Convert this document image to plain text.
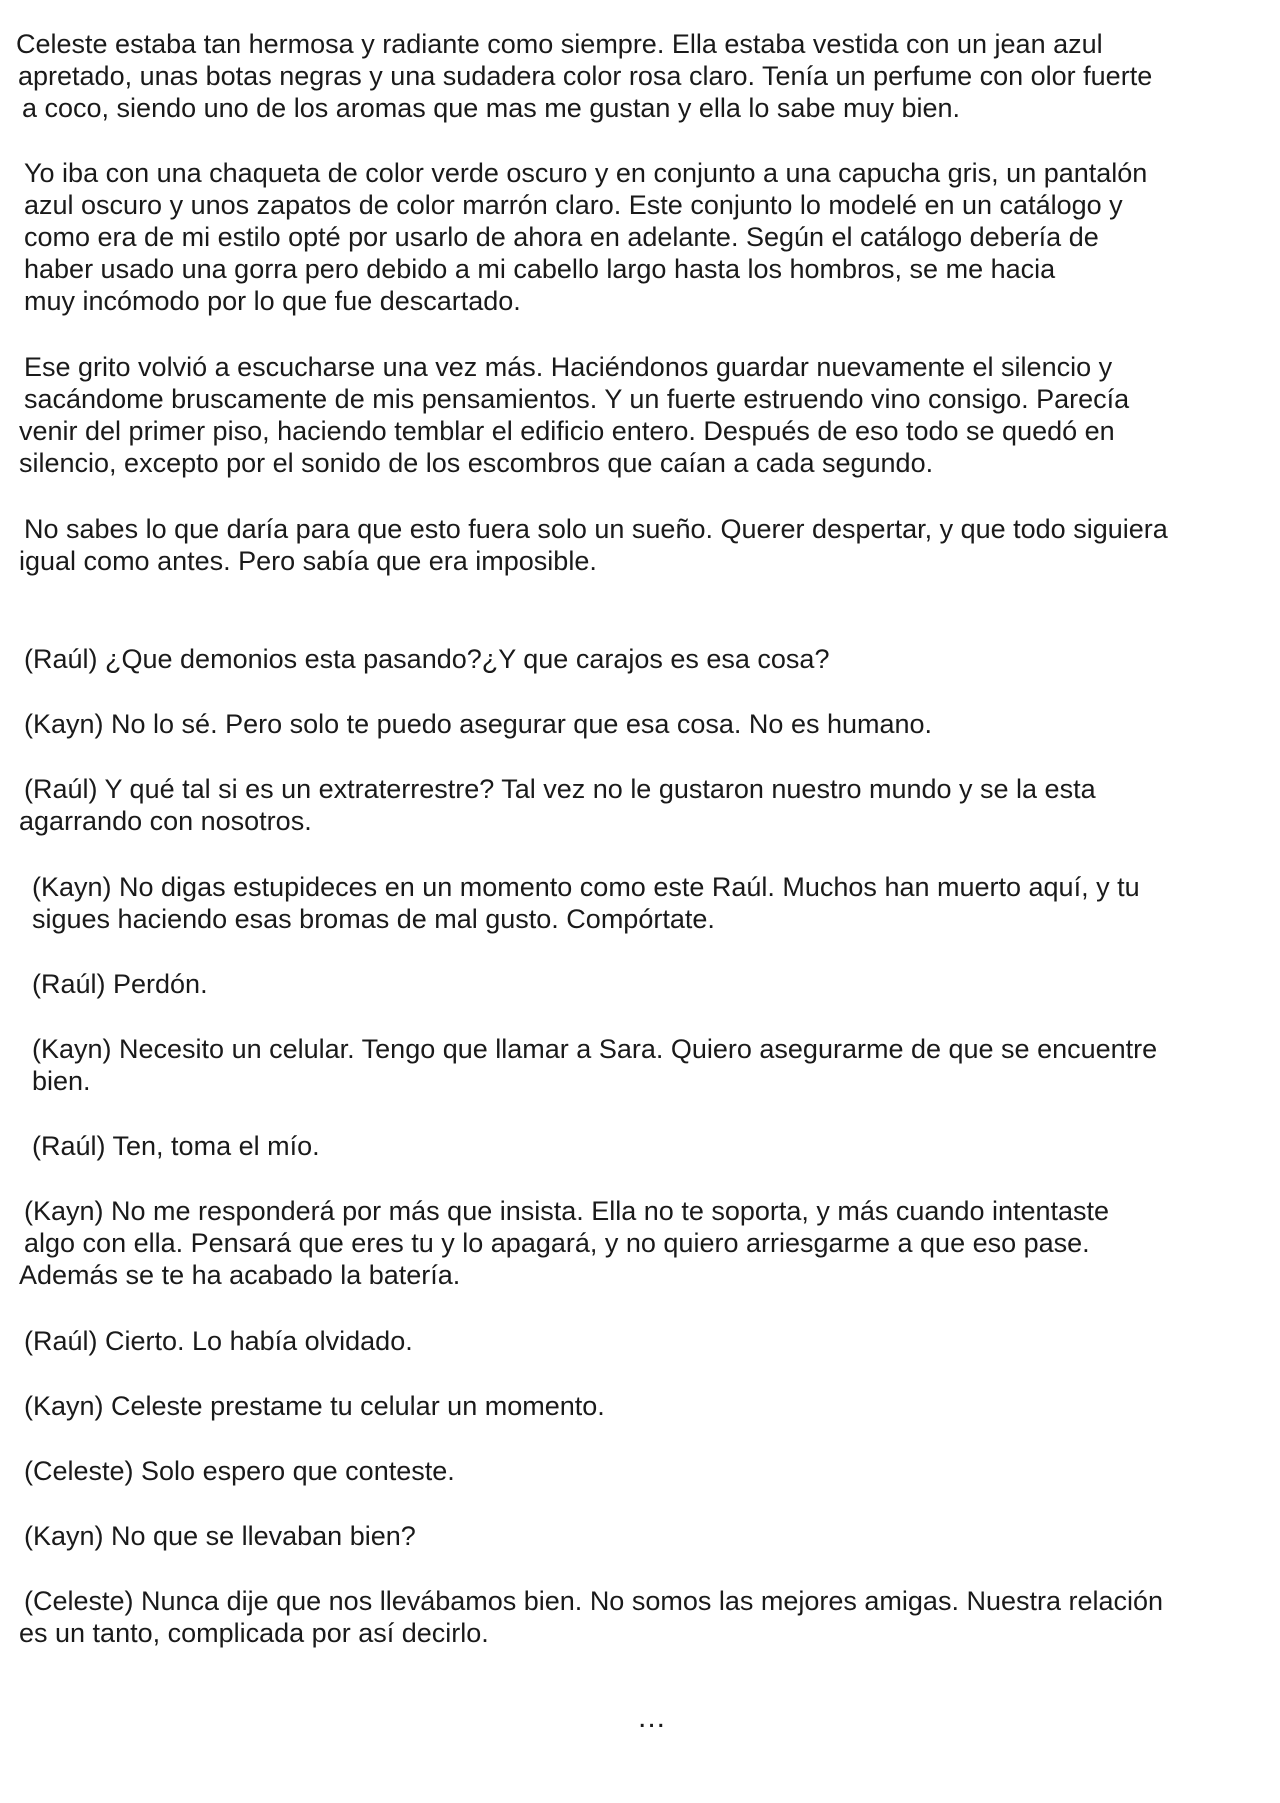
Celeste estaba tan hermosa y radiante como siempre. Ella estaba vestida con un jean azul
apretado, unas botas negras y una sudadera color rosa claro. Tenía un perfume con olor fuerte
a coco, siendo uno de los aromas que mas me gustan y ella lo sabe muy bien.
Yo iba con una chaqueta de color verde oscuro y en conjunto a una capucha gris, un pantalón
azul oscuro y unos zapatos de color marrón claro. Este conjunto lo modelé en un catálogo y
como era de mi estilo opté por usarlo de ahora en adelante. Según el catálogo debería de
haber usado una gorra pero debido a mi cabello largo hasta los hombros, se me hacia
muy incómodo por lo que fue descartado.
Ese grito volvió a escucharse una vez más. Haciéndonos guardar nuevamente el silencio y
sacándome bruscamente de mis pensamientos. Y un fuerte estruendo vino consigo. Parecía
venir del primer piso, haciendo temblar el edificio entero. Después de eso todo se quedó en
silencio, excepto por el sonido de los escombros que caían a cada segundo.
No sabes lo que daría para que esto fuera solo un sueño. Querer despertar, y que todo siguiera
igual como antes. Pero sabía que era imposible.
(Raúl) ¿Que demonios esta pasando?¿Y que carajos es esa cosa?
(Kayn) No lo sé. Pero solo te puedo asegurar que esa cosa. No es humano.
(Raúl) Y qué tal si es un extraterrestre? Tal vez no le gustaron nuestro mundo y se la esta
agarrando con nosotros.
(Kayn) No digas estupideces en un momento como este Raúl. Muchos han muerto aquí, y tu
sigues haciendo esas bromas de mal gusto. Compórtate.
(Raúl) Perdón.
(Kayn) Necesito un celular. Tengo que llamar a Sara. Quiero asegurarme de que se encuentre
bien.
(Raúl) Ten, toma el mío.
(Kayn) No me responderá por más que insista. Ella no te soporta, y más cuando intentaste
algo con ella. Pensará que eres tu y lo apagará, y no quiero arriesgarme a que eso pase.
Además se te ha acabado la batería.
(Raúl) Cierto. Lo había olvidado.
(Kayn) Celeste prestame tu celular un momento.
(Celeste) Solo espero que conteste.
(Kayn) No que se llevaban bien?
(Celeste) Nunca dije que nos llevábamos bien. No somos las mejores amigas. Nuestra relación
es un tanto, complicada por así decirlo.
...
